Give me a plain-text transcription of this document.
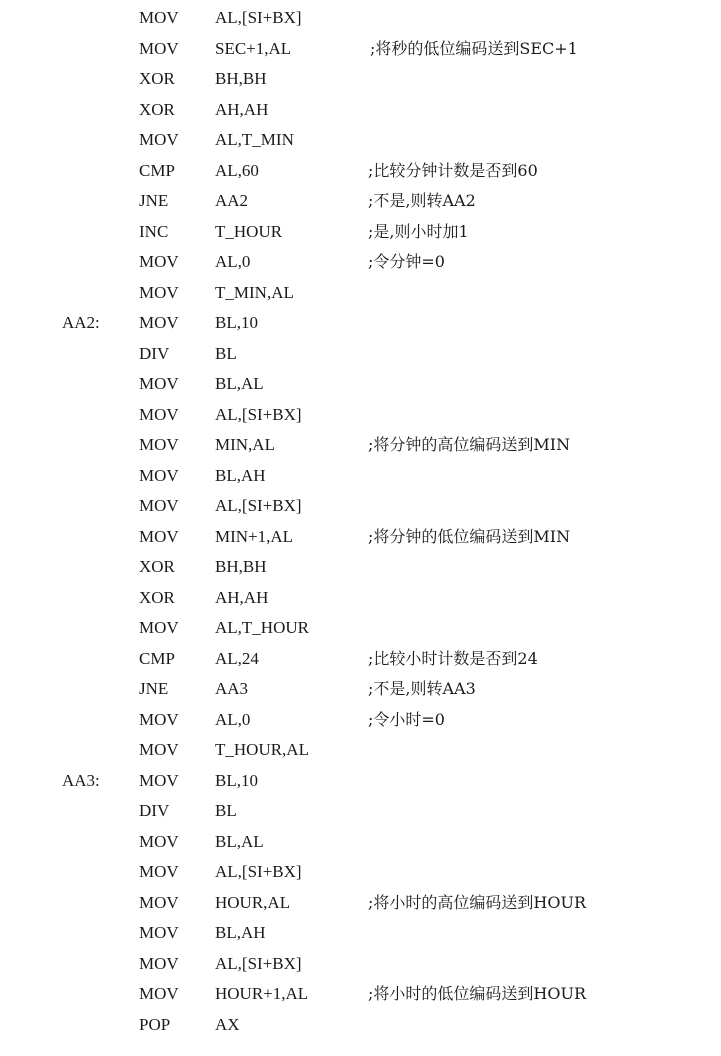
MOV AL,[SI+BX]
MOV SEC+1,AL	;将秒的低位编码送到SEC+1
XOR BH,BH
XOR AH,AH
MOV AL,T_MIN
CMP AL,60	;比较分钟计数是否到60
JNE	AA2	;不是,则转AA2
INC	T_HOUR	;是,则小时加1
MOV AL,0	;令分钟=0
MOV T_MIN,AL
AA2: MOV BL,10
DIV	BL
MOV BL,AL
MOV AL,[SI+BX]
MOV MIN,AL	;将分钟的高位编码送到MIN
MOV BL,AH
MOV AL,[SI+BX]
MOV MIN+1,AL	;将分钟的低位编码送到MIN
XOR BH,BH
XOR AH,AH
MOV AL,T_HOUR
CMP AL,24	;比较小时计数是否到24
JNE	AA3	;不是,则转AA3
MOV AL,0	;令小时=0
MOV T_HOUR,AL
AA3: MOV BL,10
DIV	BL
MOV BL,AL
MOV AL,[SI+BX]
MOV HOUR,AL	;将小时的高位编码送到HOUR
MOV BL,AH
MOV AL,[SI+BX]
MOV HOUR+1,AL	;将小时的低位编码送到HOUR
POP	AX
